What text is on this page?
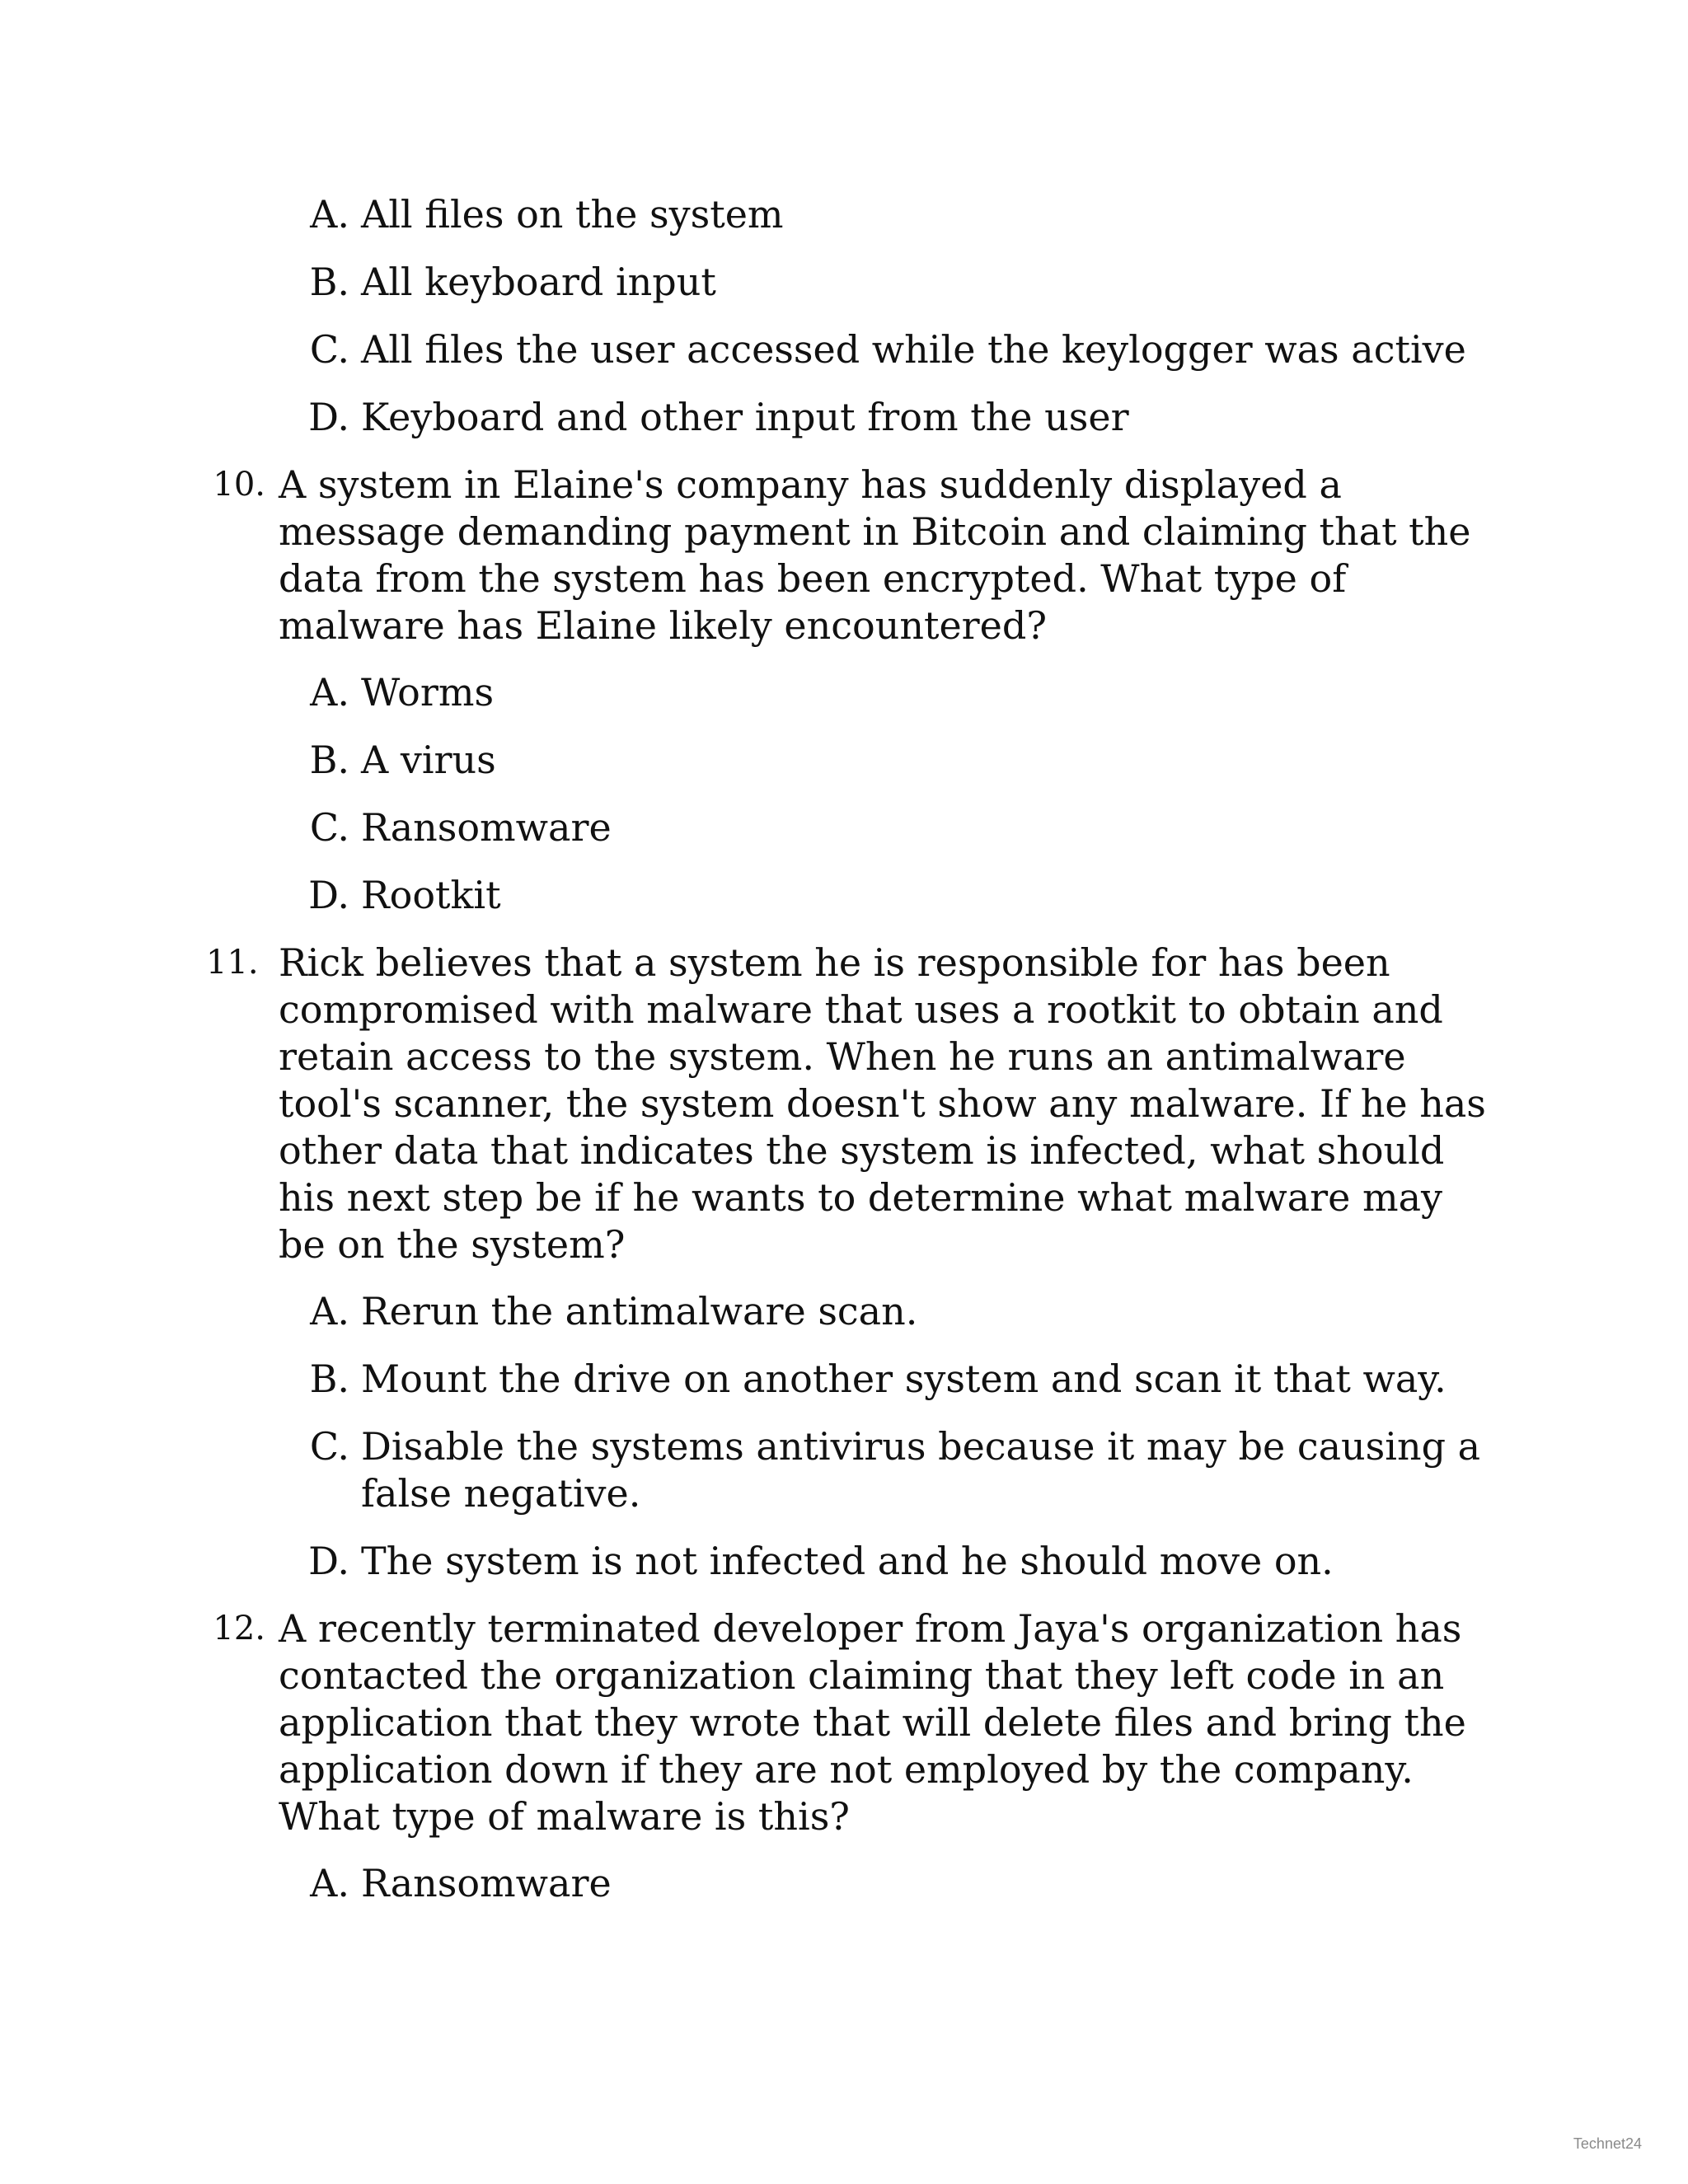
A. All files on the system
B. All keyboard input
C. All files the user accessed while the keylogger was active
D. Keyboard and other input from the user
10. A system in Elaine's company has suddenly displayed a message demanding payment in Bitcoin and claiming that the data from the system has been encrypted. What type of malware has Elaine likely encountered?
A. Worms
B. A virus
C. Ransomware
D. Rootkit
11. Rick believes that a system he is responsible for has been compromised with malware that uses a rootkit to obtain and retain access to the system. When he runs an antimalware tool's scanner, the system doesn't show any malware. If he has other data that indicates the system is infected, what should his next step be if he wants to determine what malware may be on the system?
A. Rerun the antimalware scan.
B. Mount the drive on another system and scan it that way.
C. Disable the systems antivirus because it may be causing a false negative.
D. The system is not infected and he should move on.
12. A recently terminated developer from Jaya's organization has contacted the organization claiming that they left code in an application that they wrote that will delete files and bring the application down if they are not employed by the company. What type of malware is this?
A. Ransomware
Technet24
